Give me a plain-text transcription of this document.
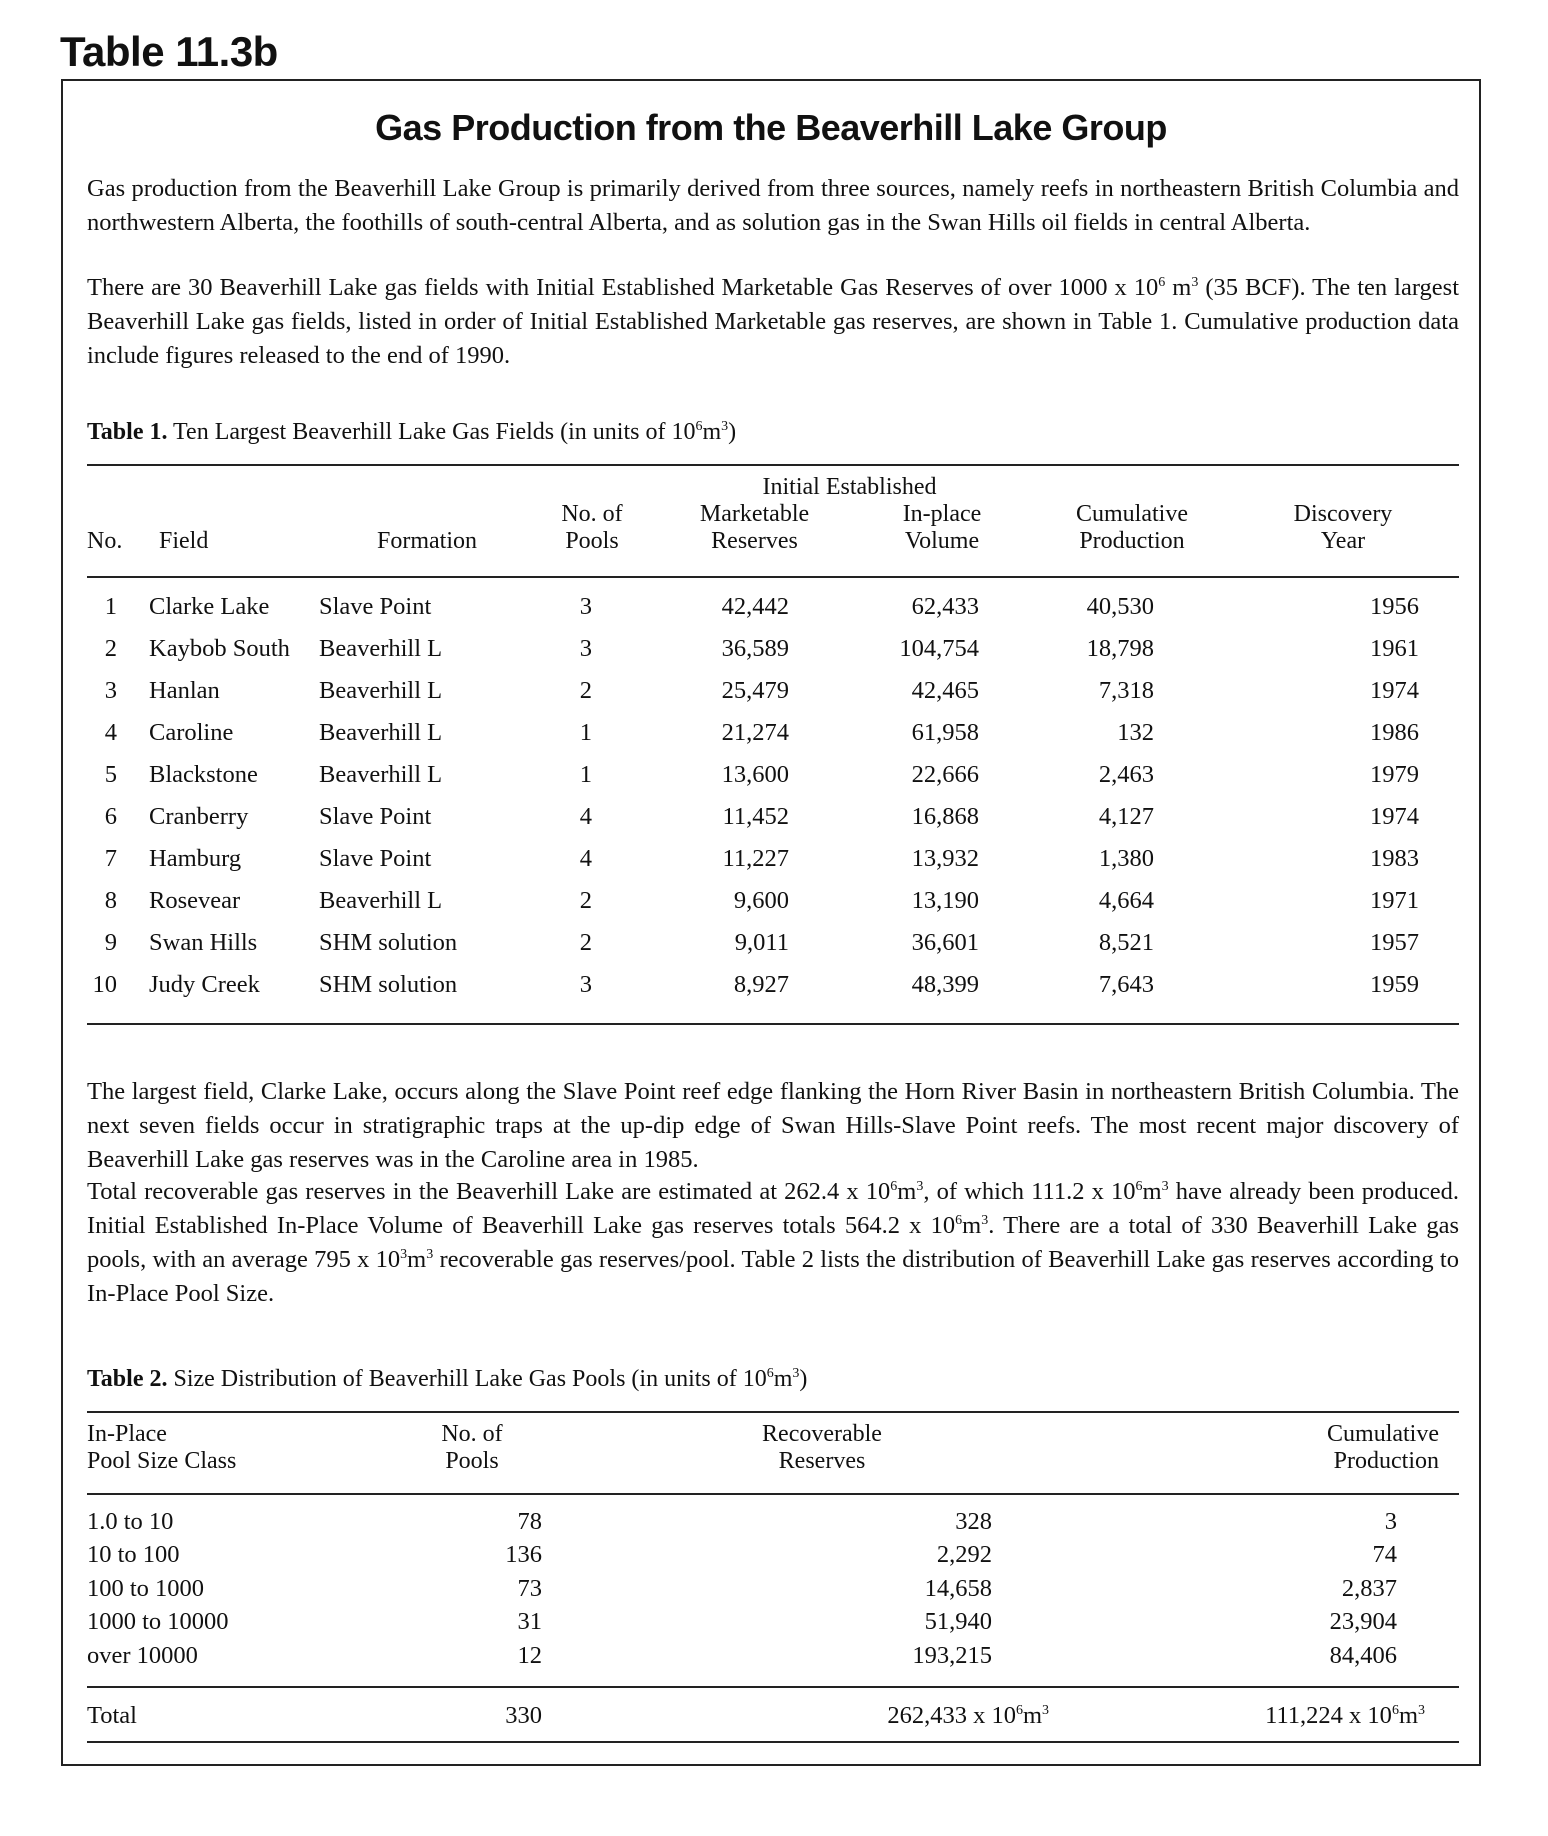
Table 11.3b
Gas Production from the Beaverhill Lake Group
Gas production from the Beaverhill Lake Group is primarily derived from three sources, namely reefs in northeastern British Columbia and northwestern Alberta, the foothills of south-central Alberta, and as solution gas in the Swan Hills oil fields in central Alberta.
There are 30 Beaverhill Lake gas fields with Initial Established Marketable Gas Reserves of over 1000 x $10^6$ $m^3$ (35 BCF). The ten largest Beaverhill Lake gas fields, listed in order of Initial Established Marketable gas reserves, are shown in Table 1. Cumulative production data include figures released to the end of 1990.
Table 1. Ten Largest Beaverhill Lake Gas Fields (in units of $10^6m^3$)
				Initial Established			
			No. of	Marketable	In-place	Cumulative	Discovery
No.	Field	Formation	Pools	Reserves	Volume	Production	Year
1	Clarke Lake	Slave Point	3	42,442	62,433	40,530	1956
2	Kaybob South	Beaverhill L	3	36,589	104,754	18,798	1961
3	Hanlan	Beaverhill L	2	25,479	42,465	7,318	1974
4	Caroline	Beaverhill L	1	21,274	61,958	132	1986
5	Blackstone	Beaverhill L	1	13,600	22,666	2,463	1979
6	Cranberry	Slave Point	4	11,452	16,868	4,127	1974
7	Hamburg	Slave Point	4	11,227	13,932	1,380	1983
8	Rosevear	Beaverhill L	2	9,600	13,190	4,664	1971
9	Swan Hills	SHM solution	2	9,011	36,601	8,521	1957
10	Judy Creek	SHM solution	3	8,927	48,399	7,643	1959
The largest field, Clarke Lake, occurs along the Slave Point reef edge flanking the Horn River Basin in northeastern British Columbia. The next seven fields occur in stratigraphic traps at the up-dip edge of Swan Hills-Slave Point reefs. The most recent major discovery of Beaverhill Lake gas reserves was in the Caroline area in 1985.
Total recoverable gas reserves in the Beaverhill Lake are estimated at 262.4 x $10^6m^3$, of which 111.2 x $10^6m^3$ have already been produced. Initial Established In-Place Volume of Beaverhill Lake gas reserves totals 564.2 x $10^6m^3$. There are a total of 330 Beaverhill Lake gas pools, with an average 795 x $10^3m^3$ recoverable gas reserves/pool. Table 2 lists the distribution of Beaverhill Lake gas reserves according to In-Place Pool Size.
Table 2. Size Distribution of Beaverhill Lake Gas Pools (in units of $10^6m^3$)
In-Place	No. of	Recoverable	Cumulative
Pool Size Class	Pools	Reserves	Production
1.0 to 10	78	328	3
10 to 100	136	2,292	74
100 to 1000	73	14,658	2,837
1000 to 10000	31	51,940	23,904
over 10000	12	193,215	84,406
Total	330	262,433 x $10^6m^3$	111,224 x $10^6m^3$
